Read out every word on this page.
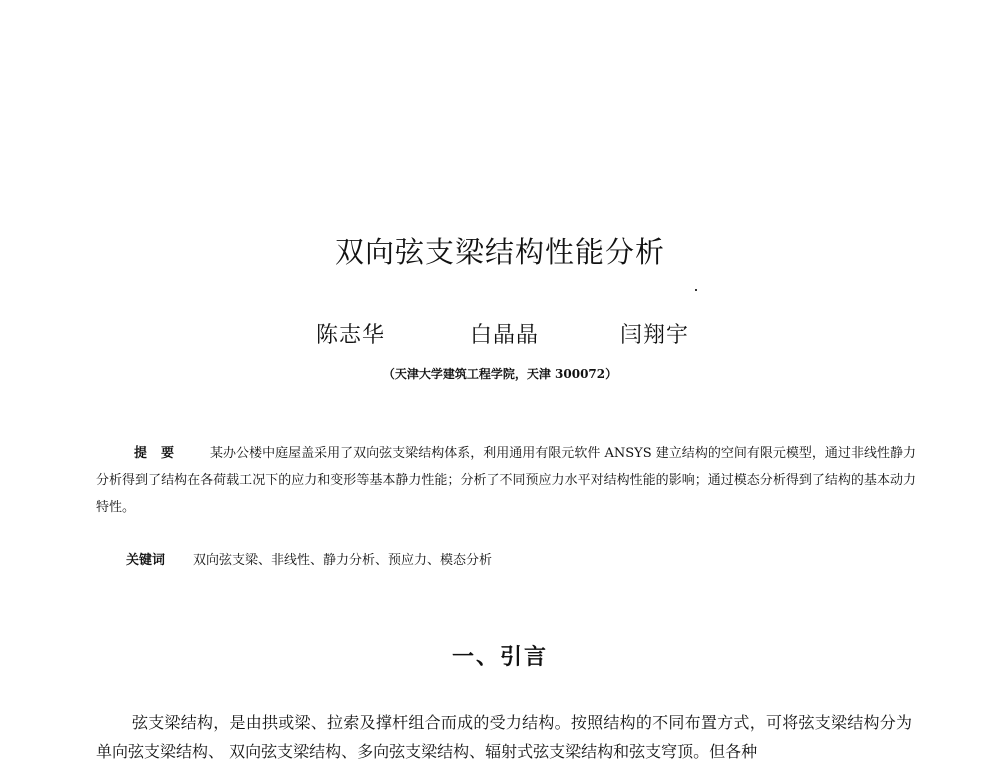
双向弦支梁结构性能分析
陈志华	白晶晶	闫翔宇
（天津大学建筑工程学院，天津 300072）
提要 某办公楼中庭屋盖采用了双向弦支梁结构体系，利用通用有限元软件 ANSYS 建立结构的空间有限元模型，通过非线性静力分析得到了结构在各荷载工况下的应力和变形等基本静力性能；分析了不同预应力水平对结构性能的影响；通过模态分析得到了结构的基本动力特性。
关键词 双向弦支梁、非线性、静力分析、预应力、模态分析
一、引言
弦支梁结构，是由拱或梁、拉索及撑杆组合而成的受力结构。按照结构的不同布置方式，可将弦支梁结构分为单向弦支梁结构、 双向弦支梁结构、多向弦支梁结构、辐射式弦支梁结构和弦支穹顶。但各种
